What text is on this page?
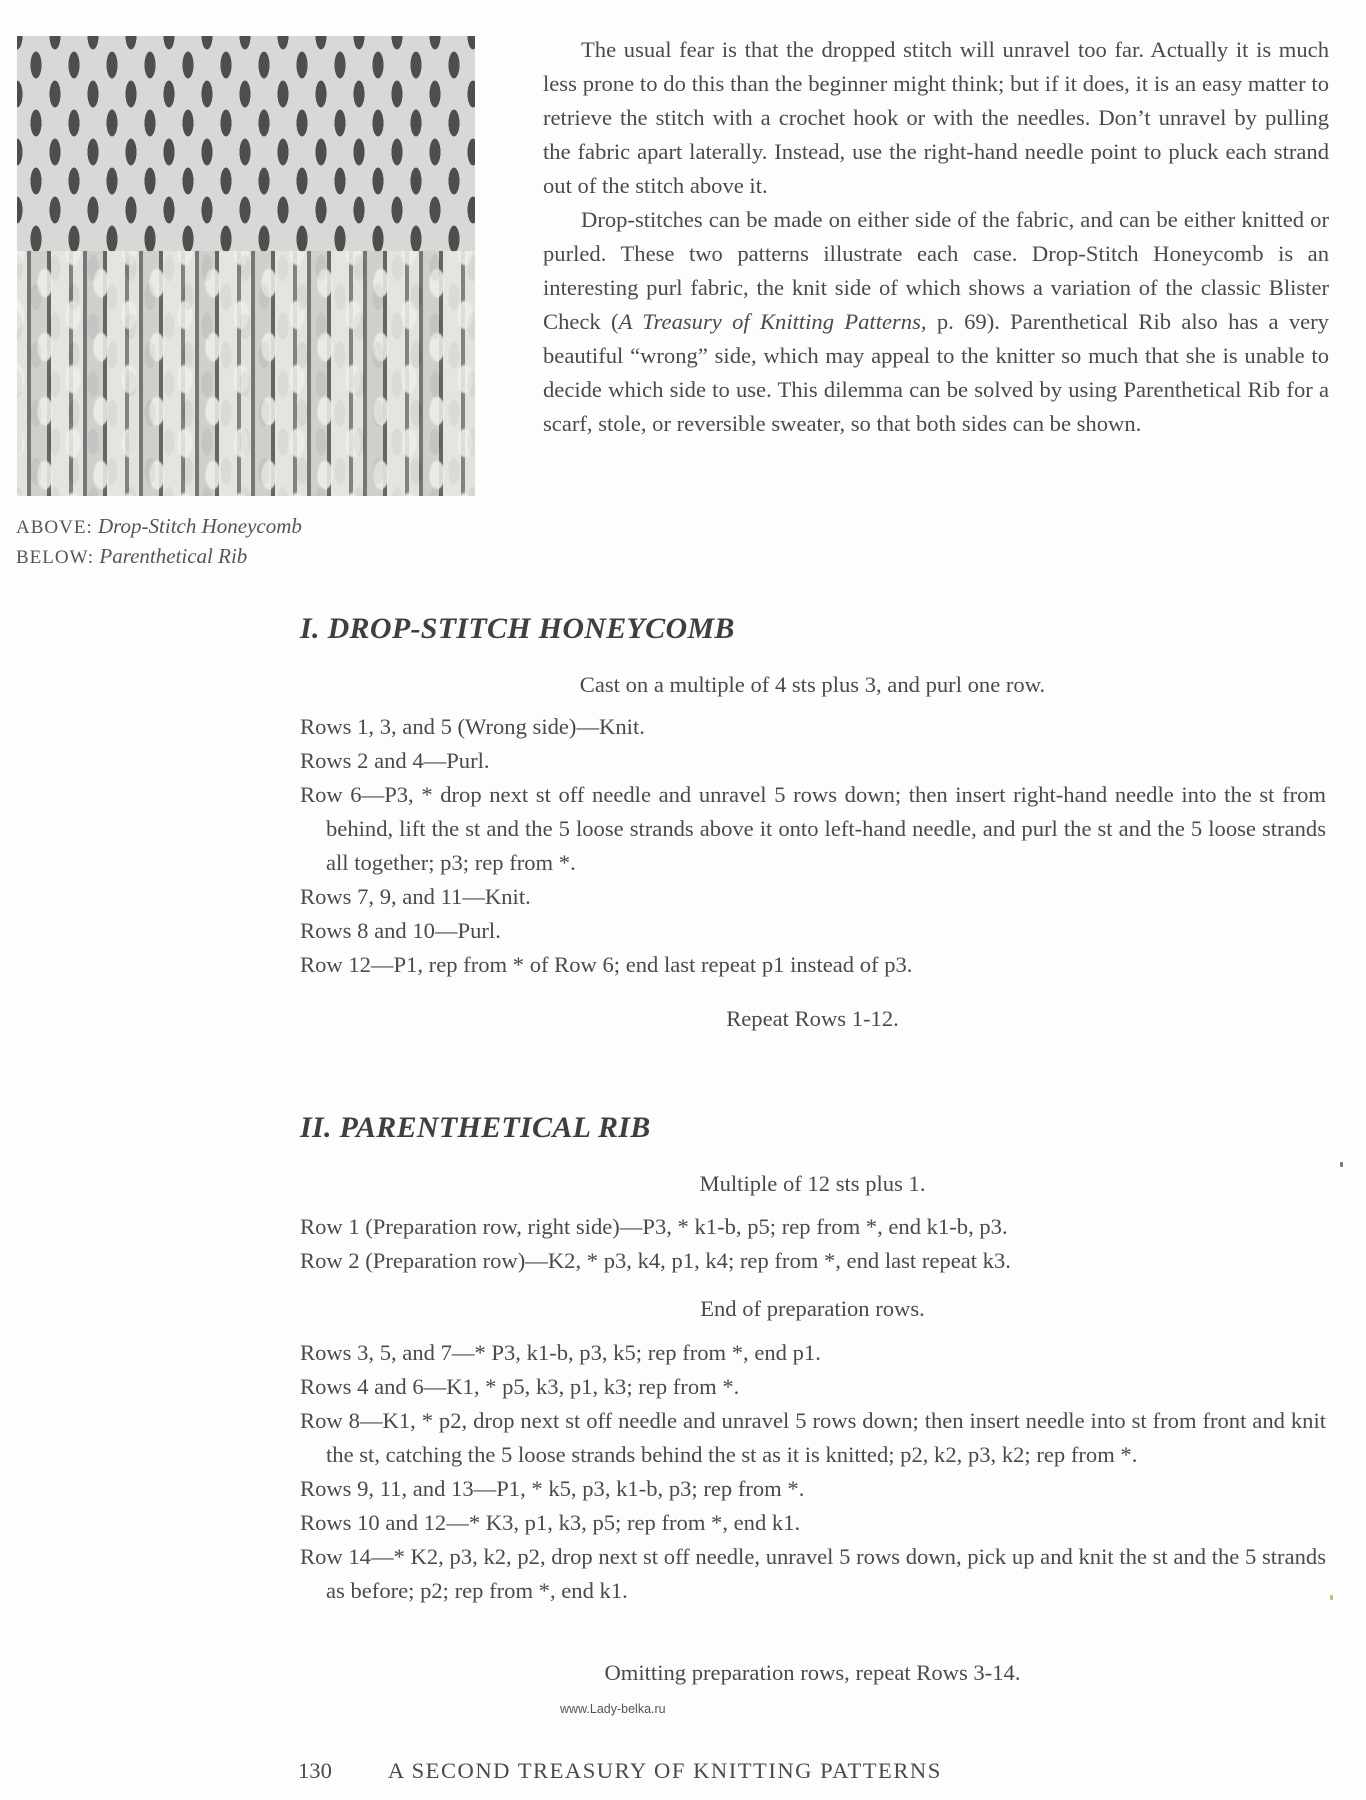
ABOVE: Drop-Stitch Honeycomb
BELOW: Parenthetical Rib

The usual fear is that the dropped stitch will unravel too far. Actually it is much less prone to do this than the beginner might think; but if it does, it is an easy matter to retrieve the stitch with a crochet hook or with the needles. Don’t unravel by pulling the fabric apart laterally. Instead, use the right-hand needle point to pluck each strand out of the stitch above it.

Drop-stitches can be made on either side of the fabric, and can be either knitted or purled. These two patterns illustrate each case. Drop-Stitch Honeycomb is an interesting purl fabric, the knit side of which shows a variation of the classic Blister Check (A Treasury of Knitting Patterns, p. 69). Parenthetical Rib also has a very beautiful “wrong” side, which may appeal to the knitter so much that she is unable to decide which side to use. This dilemma can be solved by using Parenthetical Rib for a scarf, stole, or reversible sweater, so that both sides can be shown.

I. DROP-STITCH HONEYCOMB
Cast on a multiple of 4 sts plus 3, and purl one row.
Rows 1, 3, and 5 (Wrong side)—Knit.
Rows 2 and 4—Purl.
Row 6—P3, * drop next st off needle and unravel 5 rows down; then insert right-hand needle into the st from behind, lift the st and the 5 loose strands above it onto left-hand needle, and purl the st and the 5 loose strands all together; p3; rep from *.
Rows 7, 9, and 11—Knit.
Rows 8 and 10—Purl.
Row 12—P1, rep from * of Row 6; end last repeat p1 instead of p3.
Repeat Rows 1-12.
II. PARENTHETICAL RIB
Multiple of 12 sts plus 1.
Row 1 (Preparation row, right side)—P3, * k1-b, p5; rep from *, end k1-b, p3.
Row 2 (Preparation row)—K2, * p3, k4, p1, k4; rep from *, end last repeat k3.
End of preparation rows.
Rows 3, 5, and 7—* P3, k1-b, p3, k5; rep from *, end p1.
Rows 4 and 6—K1, * p5, k3, p1, k3; rep from *.
Row 8—K1, * p2, drop next st off needle and unravel 5 rows down; then insert needle into st from front and knit the st, catching the 5 loose strands behind the st as it is knitted; p2, k2, p3, k2; rep from *.
Rows 9, 11, and 13—P1, * k5, p3, k1-b, p3; rep from *.
Rows 10 and 12—* K3, p1, k3, p5; rep from *, end k1.
Row 14—* K2, p3, k2, p2, drop next st off needle, unravel 5 rows down, pick up and knit the st and the 5 strands as before; p2; rep from *, end k1.
Omitting preparation rows, repeat Rows 3-14.
www.Lady-belka.ru
130 A SECOND TREASURY OF KNITTING PATTERNS
